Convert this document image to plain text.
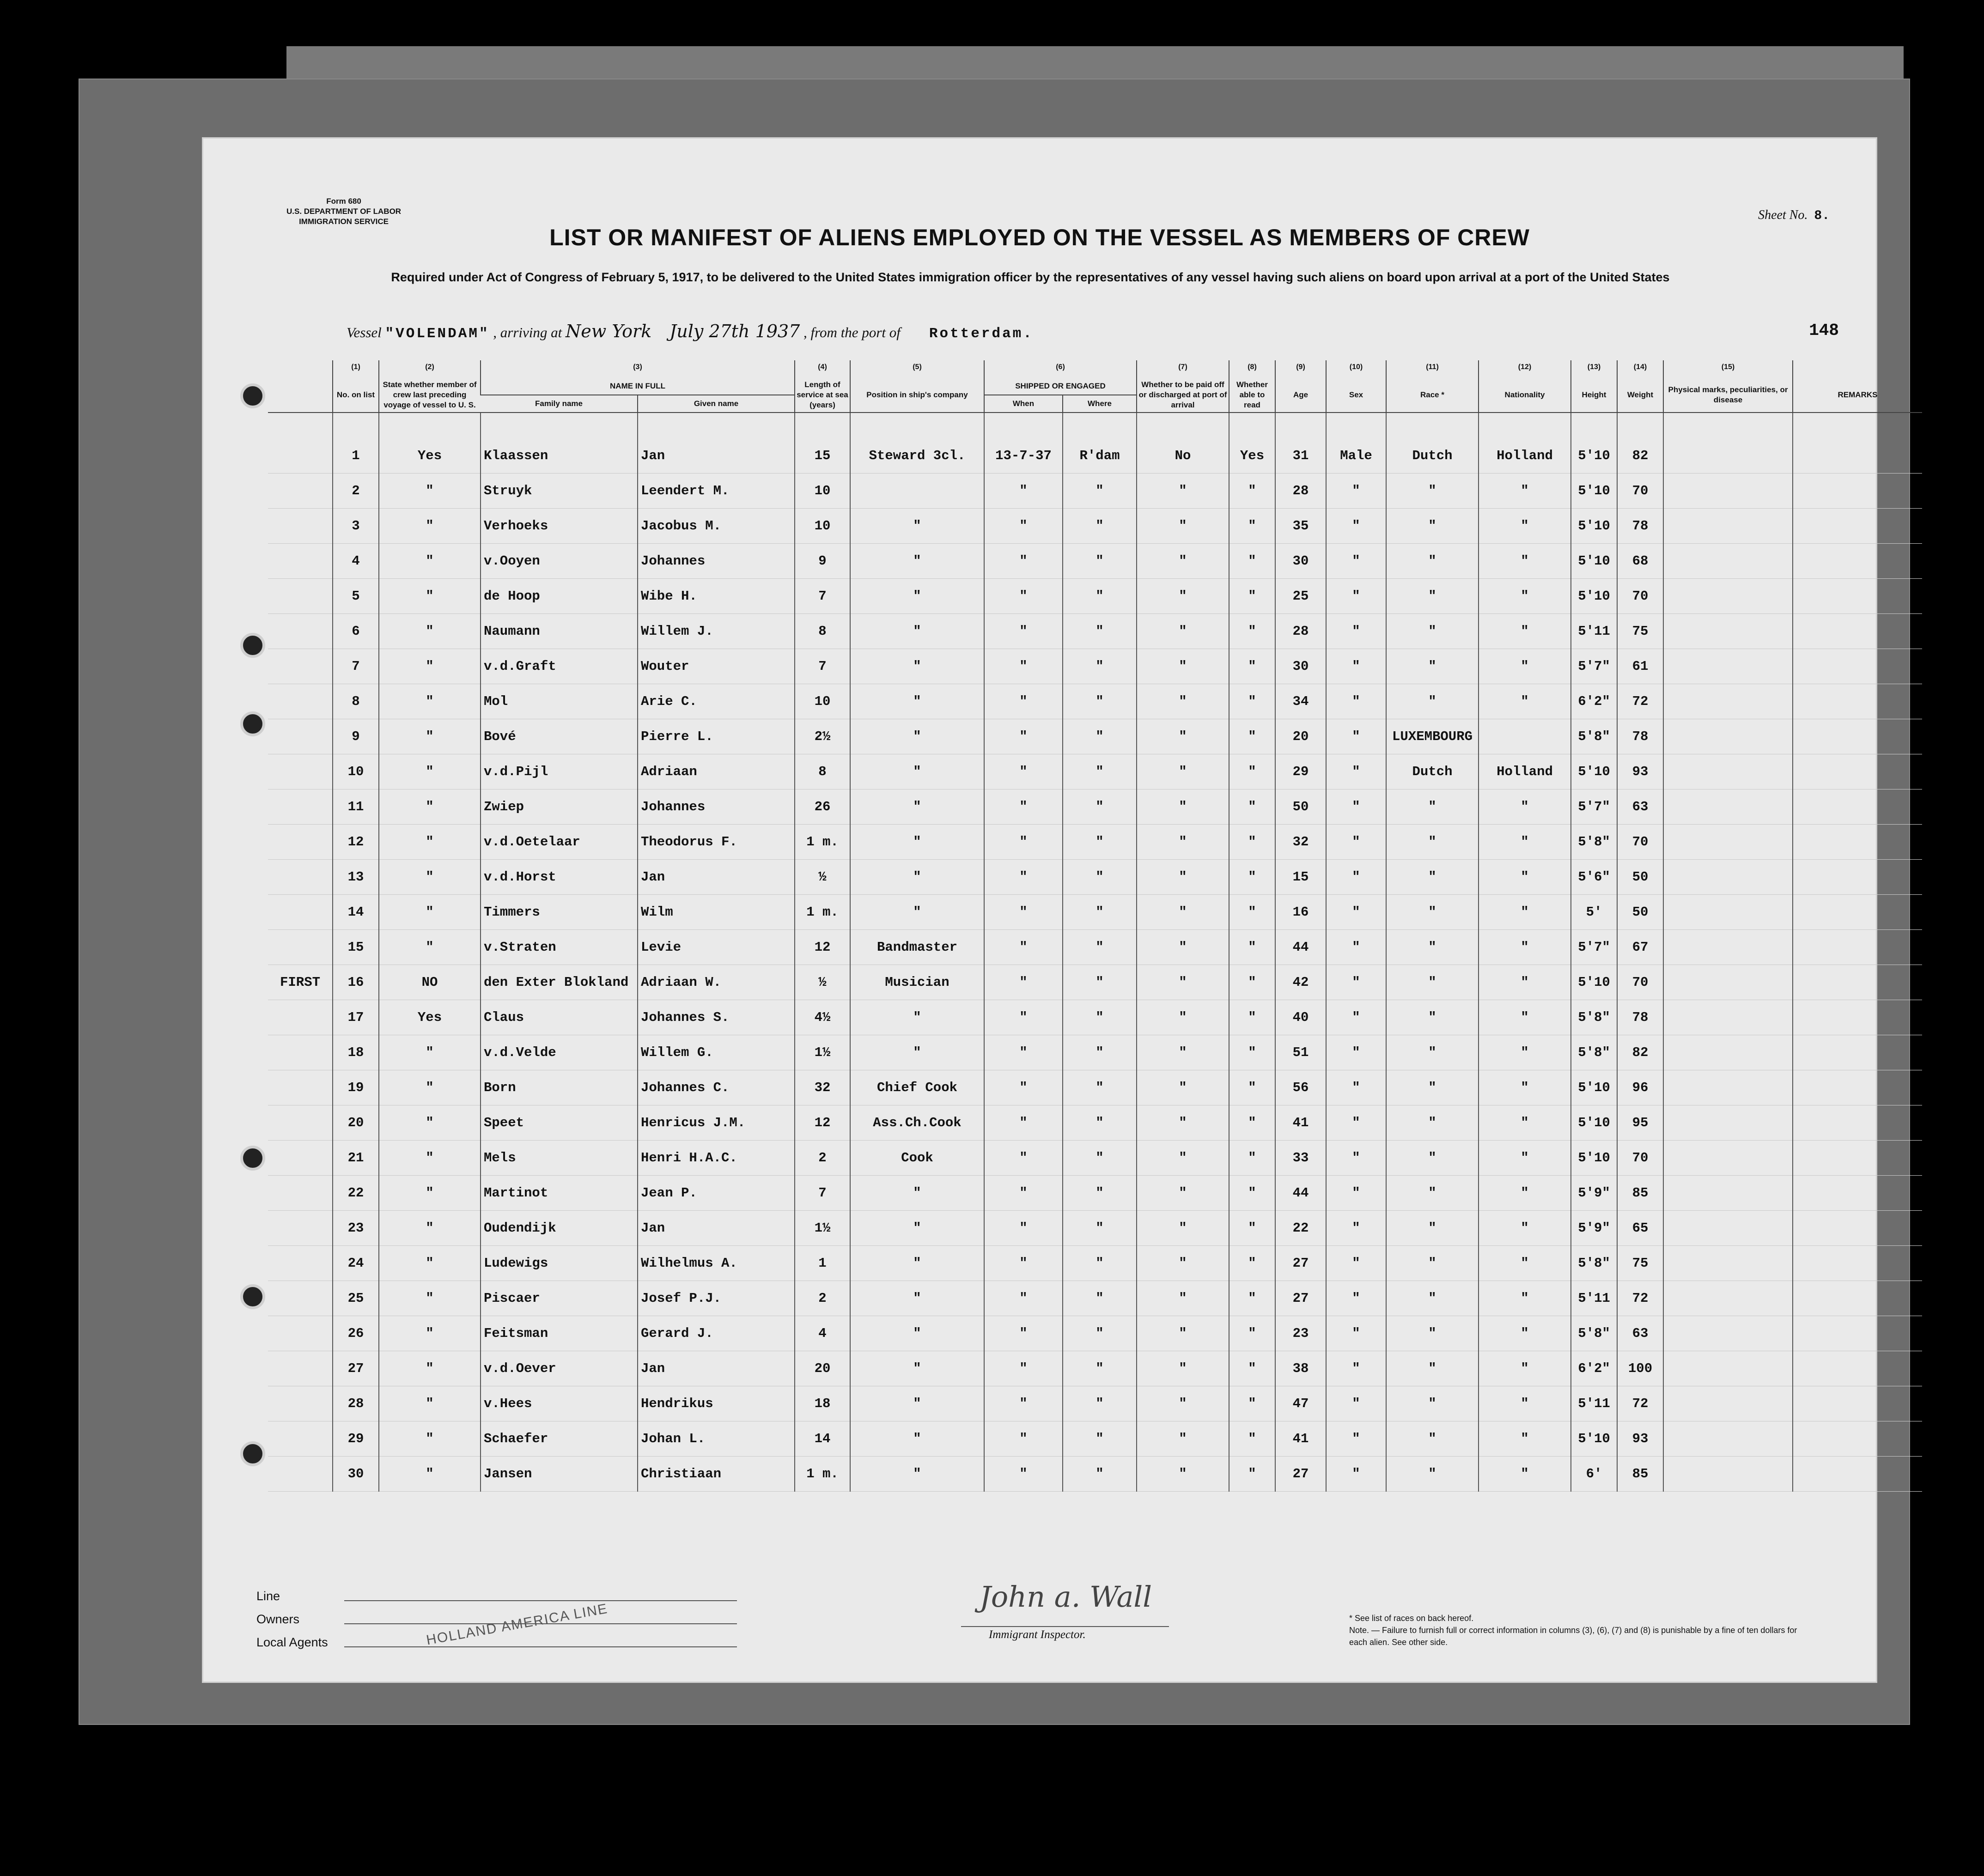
Form 680
U.S. DEPARTMENT OF LABOR
IMMIGRATION SERVICE	Sheet No. 8.
LIST OR MANIFEST OF ALIENS EMPLOYED ON THE VESSEL AS MEMBERS OF CREW
Required under Act of Congress of February 5, 1917, to be delivered to the United States immigration officer by the representatives of any vessel having such aliens on board upon arrival at a port of the United States
Vessel "VOLENDAM" , arriving at New York July 27th 1937 , from the port of Rotterdam.	148
	(1)	(2)	(3)		(4)	(5)	(6)		(7)	(8)	(9)	(10)	(11)	(12)	(13)	(14)	(15)	
	No. on list	State whether member of crew last preceding voyage of vessel to U. S.	NAME IN FULL		Length of service at sea (years)	Position in ship's company	SHIPPED OR ENGAGED		Whether to be paid off or discharged at port of arrival	Whether able to read	Age	Sex	Race *	Nationality	Height	Weight	Physical marks, peculiarities, or disease	REMARKS
			Family name	Given name			When	Where										

	1	Yes	Klaassen	Jan	15	Steward 3cl.	13-7-37	R'dam	No	Yes	31	Male	Dutch	Holland	5'10	82		
	2	"	Struyk	Leendert M.	10		"	"	"	"	28	"	"	"	5'10	70		
	3	"	Verhoeks	Jacobus M.	10	"	"	"	"	"	35	"	"	"	5'10	78		
	4	"	v.Ooyen	Johannes	9	"	"	"	"	"	30	"	"	"	5'10	68		
	5	"	de Hoop	Wibe H.	7	"	"	"	"	"	25	"	"	"	5'10	70		
	6	"	Naumann	Willem J.	8	"	"	"	"	"	28	"	"	"	5'11	75		
	7	"	v.d.Graft	Wouter	7	"	"	"	"	"	30	"	"	"	5'7"	61		
	8	"	Mol	Arie C.	10	"	"	"	"	"	34	"	"	"	6'2"	72		
	9	"	Bové	Pierre L.	2½	"	"	"	"	"	20	"	LUXEMBOURG		5'8"	78		
	10	"	v.d.Pijl	Adriaan	8	"	"	"	"	"	29	"	Dutch	Holland	5'10	93		
	11	"	Zwiep	Johannes	26	"	"	"	"	"	50	"	"	"	5'7"	63		
	12	"	v.d.Oetelaar	Theodorus F.	1 m.	"	"	"	"	"	32	"	"	"	5'8"	70		
	13	"	v.d.Horst	Jan	½	"	"	"	"	"	15	"	"	"	5'6"	50		
	14	"	Timmers	Wilm	1 m.	"	"	"	"	"	16	"	"	"	5'	50		
	15	"	v.Straten	Levie	12	Bandmaster	"	"	"	"	44	"	"	"	5'7"	67		
FIRST	16	NO	den Exter Blokland	Adriaan W.	½	Musician	"	"	"	"	42	"	"	"	5'10	70		
	17	Yes	Claus	Johannes S.	4½	"	"	"	"	"	40	"	"	"	5'8"	78		
	18	"	v.d.Velde	Willem G.	1½	"	"	"	"	"	51	"	"	"	5'8"	82		
	19	"	Born	Johannes C.	32	Chief Cook	"	"	"	"	56	"	"	"	5'10	96		
	20	"	Speet	Henricus J.M.	12	Ass.Ch.Cook	"	"	"	"	41	"	"	"	5'10	95		
	21	"	Mels	Henri H.A.C.	2	Cook	"	"	"	"	33	"	"	"	5'10	70		
	22	"	Martinot	Jean P.	7	"	"	"	"	"	44	"	"	"	5'9"	85		
	23	"	Oudendijk	Jan	1½	"	"	"	"	"	22	"	"	"	5'9"	65		
	24	"	Ludewigs	Wilhelmus A.	1	"	"	"	"	"	27	"	"	"	5'8"	75		
	25	"	Piscaer	Josef P.J.	2	"	"	"	"	"	27	"	"	"	5'11	72		
	26	"	Feitsman	Gerard J.	4	"	"	"	"	"	23	"	"	"	5'8"	63		
	27	"	v.d.Oever	Jan	20	"	"	"	"	"	38	"	"	"	6'2"	100		
	28	"	v.Hees	Hendrikus	18	"	"	"	"	"	47	"	"	"	5'11	72		
	29	"	Schaefer	Johan L.	14	"	"	"	"	"	41	"	"	"	5'10	93		
	30	"	Jansen	Christiaan	1 m.	"	"	"	"	"	27	"	"	"	6'	85		
Line
Owners
Local Agents	HOLLAND AMERICA LINE
John a. Wall
Immigrant Inspector.
* See list of races on back hereof.
Note. — Failure to furnish full or correct information in columns (3), (6), (7) and (8) is punishable by a fine of ten dollars for each alien. See other side.
